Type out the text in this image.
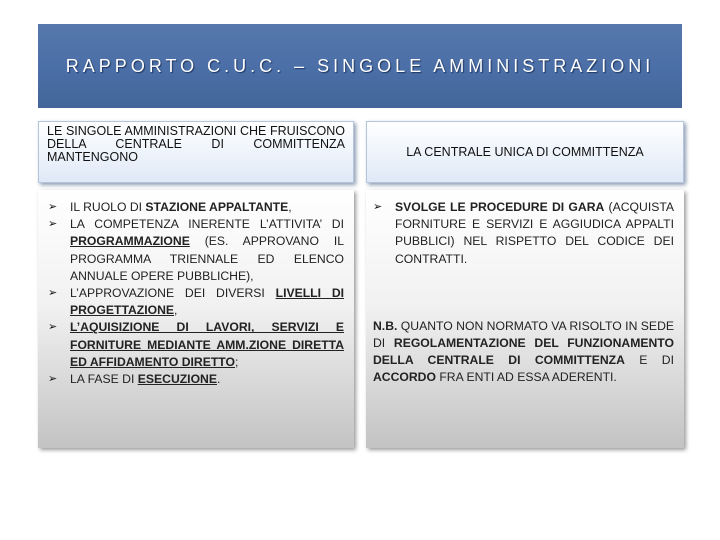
RAPPORTO C.U.C. – SINGOLE AMMINISTRAZIONI
LE SINGOLE AMMINISTRAZIONI CHE FRUISCONO DELLA CENTRALE DI COMMITTENZA MANTENGONO	LA CENTRALE UNICA DI COMMITTENZA
➢ IL RUOLO DI STAZIONE APPALTANTE,
➢ LA COMPETENZA INERENTE L’ATTIVITA’ DI PROGRAMMAZIONE (ES. APPROVANO IL PROGRAMMA TRIENNALE ED ELENCO ANNUALE OPERE PUBBLICHE),
➢ L’APPROVAZIONE DEI DIVERSI LIVELLI DI PROGETTAZIONE,
➢ L’AQUISIZIONE DI LAVORI, SERVIZI E FORNITURE MEDIANTE AMM.ZIONE DIRETTA ED AFFIDAMENTO DIRETTO;
➢ LA FASE DI ESECUZIONE.
➢ SVOLGE LE PROCEDURE DI GARA (ACQUISTA FORNITURE E SERVIZI E AGGIUDICA APPALTI PUBBLICI) NEL RISPETTO DEL CODICE DEI CONTRATTI.
N.B. QUANTO NON NORMATO VA RISOLTO IN SEDE DI REGOLAMENTAZIONE DEL FUNZIONAMENTO DELLA CENTRALE DI COMMITTENZA E DI ACCORDO FRA ENTI AD ESSA ADERENTI.
